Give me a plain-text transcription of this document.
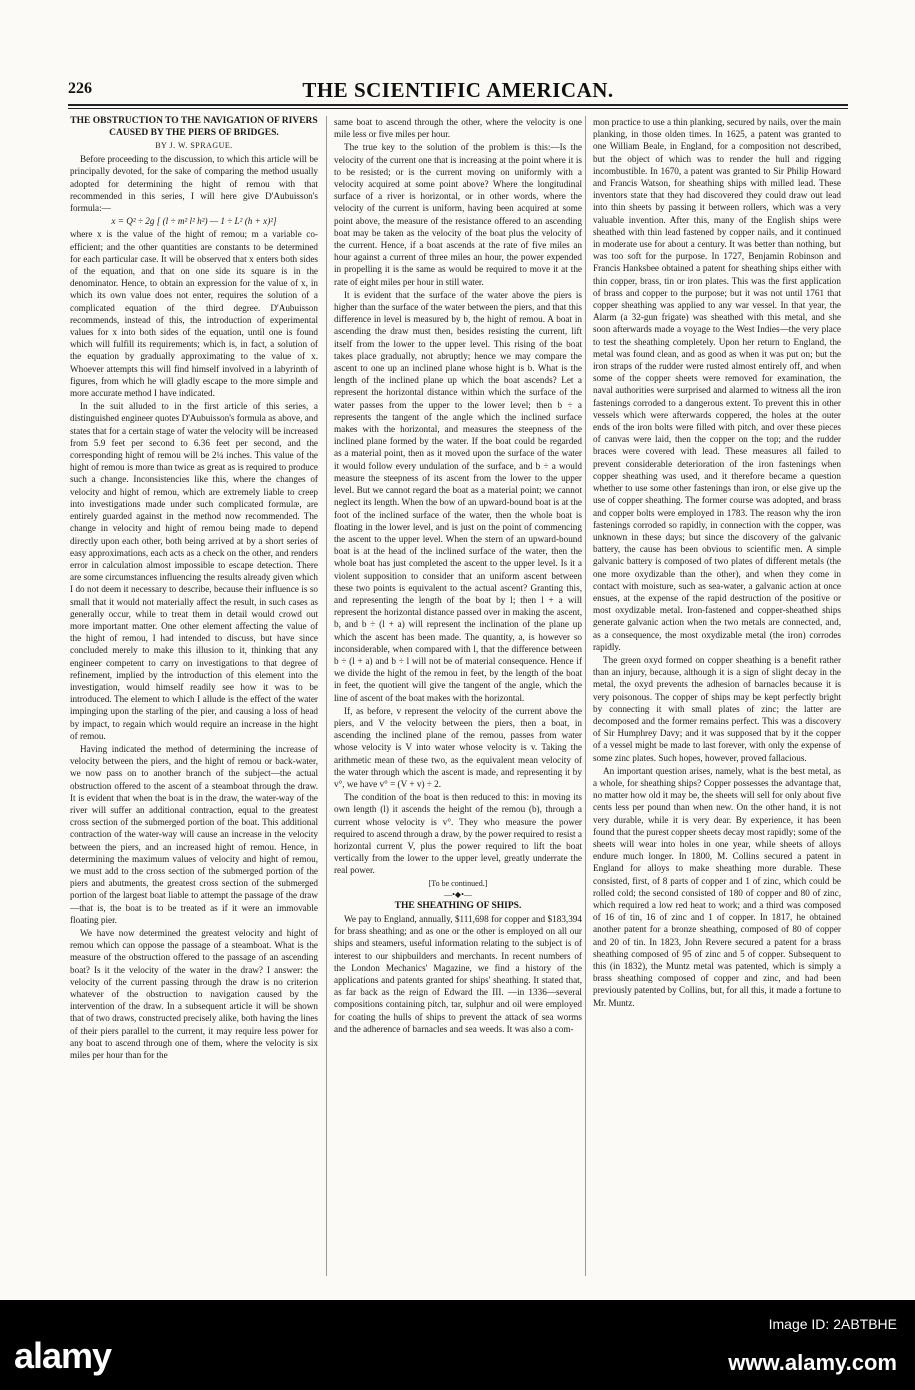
226	THE SCIENTIFIC AMERICAN.

THE OBSTRUCTION TO THE NAVIGATION OF RIVERS CAUSED BY THE PIERS OF BRIDGES.

BY J. W. SPRAGUE.

Before proceeding to the discussion, to which this article will be principally devoted, for the sake of comparing the method usually adopted for determining the hight of remou with that recommended in this series, I will here give D'Aubuisson's formula:—

x = Q² ÷ 2g [ (l ÷ m² l² h²) — 1 ÷ L² (h + x)²]

where x is the value of the hight of remou; m a variable co-efficient; and the other quantities are constants to be determined for each particular case. It will be observed that x enters both sides of the equation, and that on one side its square is in the denominator. Hence, to obtain an expression for the value of x, in which its own value does not enter, requires the solution of a complicated equation of the third degree. D'Aubuisson recommends, instead of this, the introduction of experimental values for x into both sides of the equation, until one is found which will fulfill its requirements; which is, in fact, a solution of the equation by gradually approximating to the value of x. Whoever attempts this will find himself involved in a labyrinth of figures, from which he will gladly escape to the more simple and more accurate method I have indicated.

In the suit alluded to in the first article of this series, a distinguished engineer quotes D'Aubuisson's formula as above, and states that for a certain stage of water the velocity will be increased from 5.9 feet per second to 6.36 feet per second, and the corresponding hight of remou will be 2¼ inches. This value of the hight of remou is more than twice as great as is required to produce such a change. Inconsistencies like this, where the changes of velocity and hight of remou, which are extremely liable to creep into investigations made under such complicated formulæ, are entirely guarded against in the method now recommended. The change in velocity and hight of remou being made to depend directly upon each other, both being arrived at by a short series of easy approximations, each acts as a check on the other, and renders error in calculation almost impossible to escape detection. There are some circumstances influencing the results already given which I do not deem it necessary to describe, because their influence is so small that it would not materially affect the result, in such cases as generally occur, while to treat them in detail would crowd out more important matter. One other element affecting the value of the hight of remou, I had intended to discuss, but have since concluded merely to make this illusion to it, thinking that any engineer competent to carry on investigations to that degree of refinement, implied by the introduction of this element into the investigation, would himself readily see how it was to be introduced. The element to which I allude is the effect of the water impinging upon the starling of the pier, and causing a loss of head by impact, to regain which would require an increase in the hight of remou.

Having indicated the method of determining the increase of velocity between the piers, and the hight of remou or back-water, we now pass on to another branch of the subject—the actual obstruction offered to the ascent of a steamboat through the draw. It is evident that when the boat is in the draw, the water-way of the river will suffer an additional contraction, equal to the greatest cross section of the submerged portion of the boat. This additional contraction of the water-way will cause an increase in the velocity between the piers, and an increased hight of remou. Hence, in determining the maximum values of velocity and hight of remou, we must add to the cross section of the submerged portion of the piers and abutments, the greatest cross section of the submerged portion of the largest boat liable to attempt the passage of the draw—that is, the boat is to be treated as if it were an immovable floating pier.

We have now determined the greatest velocity and hight of remou which can oppose the passage of a steamboat. What is the measure of the obstruction offered to the passage of an ascending boat? Is it the velocity of the water in the draw? I answer: the velocity of the current passing through the draw is no criterion whatever of the obstruction to navigation caused by the intervention of the draw. In a subsequent article it will be shown that of two draws, constructed precisely alike, both having the lines of their piers parallel to the current, it may require less power for any boat to ascend through one of them, where the velocity is six miles per hour than for the

same boat to ascend through the other, where the velocity is one mile less or five miles per hour.

The true key to the solution of the problem is this:—Is the velocity of the current one that is increasing at the point where it is to be resisted; or is the current moving on uniformly with a velocity acquired at some point above? Where the longitudinal surface of a river is horizontal, or in other words, where the velocity of the current is uniform, having been acquired at some point above, the measure of the resistance offered to an ascending boat may be taken as the velocity of the boat plus the velocity of the current. Hence, if a boat ascends at the rate of five miles an hour against a current of three miles an hour, the power expended in propelling it is the same as would be required to move it at the rate of eight miles per hour in still water.

It is evident that the surface of the water above the piers is higher than the surface of the water between the piers, and that this difference in level is measured by b, the hight of remou. A boat in ascending the draw must then, besides resisting the current, lift itself from the lower to the upper level. This rising of the boat takes place gradually, not abruptly; hence we may compare the ascent to one up an inclined plane whose hight is b. What is the length of the inclined plane up which the boat ascends? Let a represent the horizontal distance within which the surface of the water passes from the upper to the lower level; then b ÷ a represents the tangent of the angle which the inclined surface makes with the horizontal, and measures the steepness of the inclined plane formed by the water. If the boat could be regarded as a material point, then as it moved upon the surface of the water it would follow every undulation of the surface, and b ÷ a would measure the steepness of its ascent from the lower to the upper level. But we cannot regard the boat as a material point; we cannot neglect its length. When the bow of an upward-bound boat is at the foot of the inclined surface of the water, then the whole boat is floating in the lower level, and is just on the point of commencing the ascent to the upper level. When the stern of an upward-bound boat is at the head of the inclined surface of the water, then the whole boat has just completed the ascent to the upper level. Is it a violent supposition to consider that an uniform ascent between these two points is equivalent to the actual ascent? Granting this, and representing the length of the boat by l; then l + a will represent the horizontal distance passed over in making the ascent, b, and b ÷ (l + a) will represent the inclination of the plane up which the ascent has been made. The quantity, a, is however so inconsiderable, when compared with l, that the difference between b ÷ (l + a) and b ÷ l will not be of material consequence. Hence if we divide the hight of the remou in feet, by the length of the boat in feet, the quotient will give the tangent of the angle, which the line of ascent of the boat makes with the horizontal.

If, as before, v represent the velocity of the current above the piers, and V the velocity between the piers, then a boat, in ascending the inclined plane of the remou, passes from water whose velocity is V into water whose velocity is v. Taking the arithmetic mean of these two, as the equivalent mean velocity of the water through which the ascent is made, and representing it by v°, we have v° = (V + v) ÷ 2.

The condition of the boat is then reduced to this: in moving its own length (l) it ascends the height of the remou (b), through a current whose velocity is v°. They who measure the power required to ascend through a draw, by the power required to resist a horizontal current V, plus the power required to lift the boat vertically from the lower to the upper level, greatly underrate the real power.

[To be continued.]

—•◆•—

THE SHEATHING OF SHIPS.

We pay to England, annually, $111,698 for copper and $183,394 for brass sheathing; and as one or the other is employed on all our ships and steamers, useful information relating to the subject is of interest to our shipbuilders and merchants. In recent numbers of the London Mechanics' Magazine, we find a history of the applications and patents granted for ships' sheathing. It stated that, as far back as the reign of Edward the III. —in 1336—several compositions containing pitch, tar, sulphur and oil were employed for coating the hulls of ships to prevent the attack of sea worms and the adherence of barnacles and sea weeds. It was also a com-

mon practice to use a thin planking, secured by nails, over the main planking, in those olden times. In 1625, a patent was granted to one William Beale, in England, for a composition not described, but the object of which was to render the hull and rigging incombustible. In 1670, a patent was granted to Sir Philip Howard and Francis Watson, for sheathing ships with milled lead. These inventors state that they had discovered they could draw out lead into thin sheets by passing it between rollers, which was a very valuable invention. After this, many of the English ships were sheathed with thin lead fastened by copper nails, and it continued in moderate use for about a century. It was better than nothing, but was too soft for the purpose. In 1727, Benjamin Robinson and Francis Hanksbee obtained a patent for sheathing ships either with thin copper, brass, tin or iron plates. This was the first application of brass and copper to the purpose; but it was not until 1761 that copper sheathing was applied to any war vessel. In that year, the Alarm (a 32-gun frigate) was sheathed with this metal, and she soon afterwards made a voyage to the West Indies—the very place to test the sheathing completely. Upon her return to England, the metal was found clean, and as good as when it was put on; but the iron straps of the rudder were rusted almost entirely off, and when some of the copper sheets were removed for examination, the naval authorities were surprised and alarmed to witness all the iron fastenings corroded to a dangerous extent. To prevent this in other vessels which were afterwards coppered, the holes at the outer ends of the iron bolts were filled with pitch, and over these pieces of canvas were laid, then the copper on the top; and the rudder braces were covered with lead. These measures all failed to prevent considerable deterioration of the iron fastenings when copper sheathing was used, and it therefore became a question whether to use some other fastenings than iron, or else give up the use of copper sheathing. The former course was adopted, and brass and copper bolts were employed in 1783. The reason why the iron fastenings corroded so rapidly, in connection with the copper, was unknown in these days; but since the discovery of the galvanic battery, the cause has been obvious to scientific men. A simple galvanic battery is composed of two plates of different metals (the one more oxydizable than the other), and when they come in contact with moisture, such as sea-water, a galvanic action at once ensues, at the expense of the rapid destruction of the positive or most oxydizable metal. Iron-fastened and copper-sheathed ships generate galvanic action when the two metals are connected, and, as a consequence, the most oxydizable metal (the iron) corrodes rapidly.

The green oxyd formed on copper sheathing is a benefit rather than an injury, because, although it is a sign of slight decay in the metal, the oxyd prevents the adhesion of barnacles because it is very poisonous. The copper of ships may be kept perfectly bright by connecting it with small plates of zinc; the latter are decomposed and the former remains perfect. This was a discovery of Sir Humphrey Davy; and it was supposed that by it the copper of a vessel might be made to last forever, with only the expense of some zinc plates. Such hopes, however, proved fallacious.

An important question arises, namely, what is the best metal, as a whole, for sheathing ships? Copper possesses the advantage that, no matter how old it may be, the sheets will sell for only about five cents less per pound than when new. On the other hand, it is not very durable, while it is very dear. By experience, it has been found that the purest copper sheets decay most rapidly; some of the sheets will wear into holes in one year, while sheets of alloys endure much longer. In 1800, M. Collins secured a patent in England for alloys to make sheathing more durable. These consisted, first, of 8 parts of copper and 1 of zinc, which could be rolled cold; the second consisted of 180 of copper and 80 of zinc, which required a low red heat to work; and a third was composed of 16 of tin, 16 of zinc and 1 of copper. In 1817, he obtained another patent for a bronze sheathing, composed of 80 of copper and 20 of tin. In 1823, John Revere secured a patent for a brass sheathing composed of 95 of zinc and 5 of copper. Subsequent to this (in 1832), the Muntz metal was patented, which is simply a brass sheathing composed of copper and zinc, and had been previously patented by Collins, but, for all this, it made a fortune to Mr. Muntz.

alamy
Image ID: 2ABTBHE
www.alamy.com
